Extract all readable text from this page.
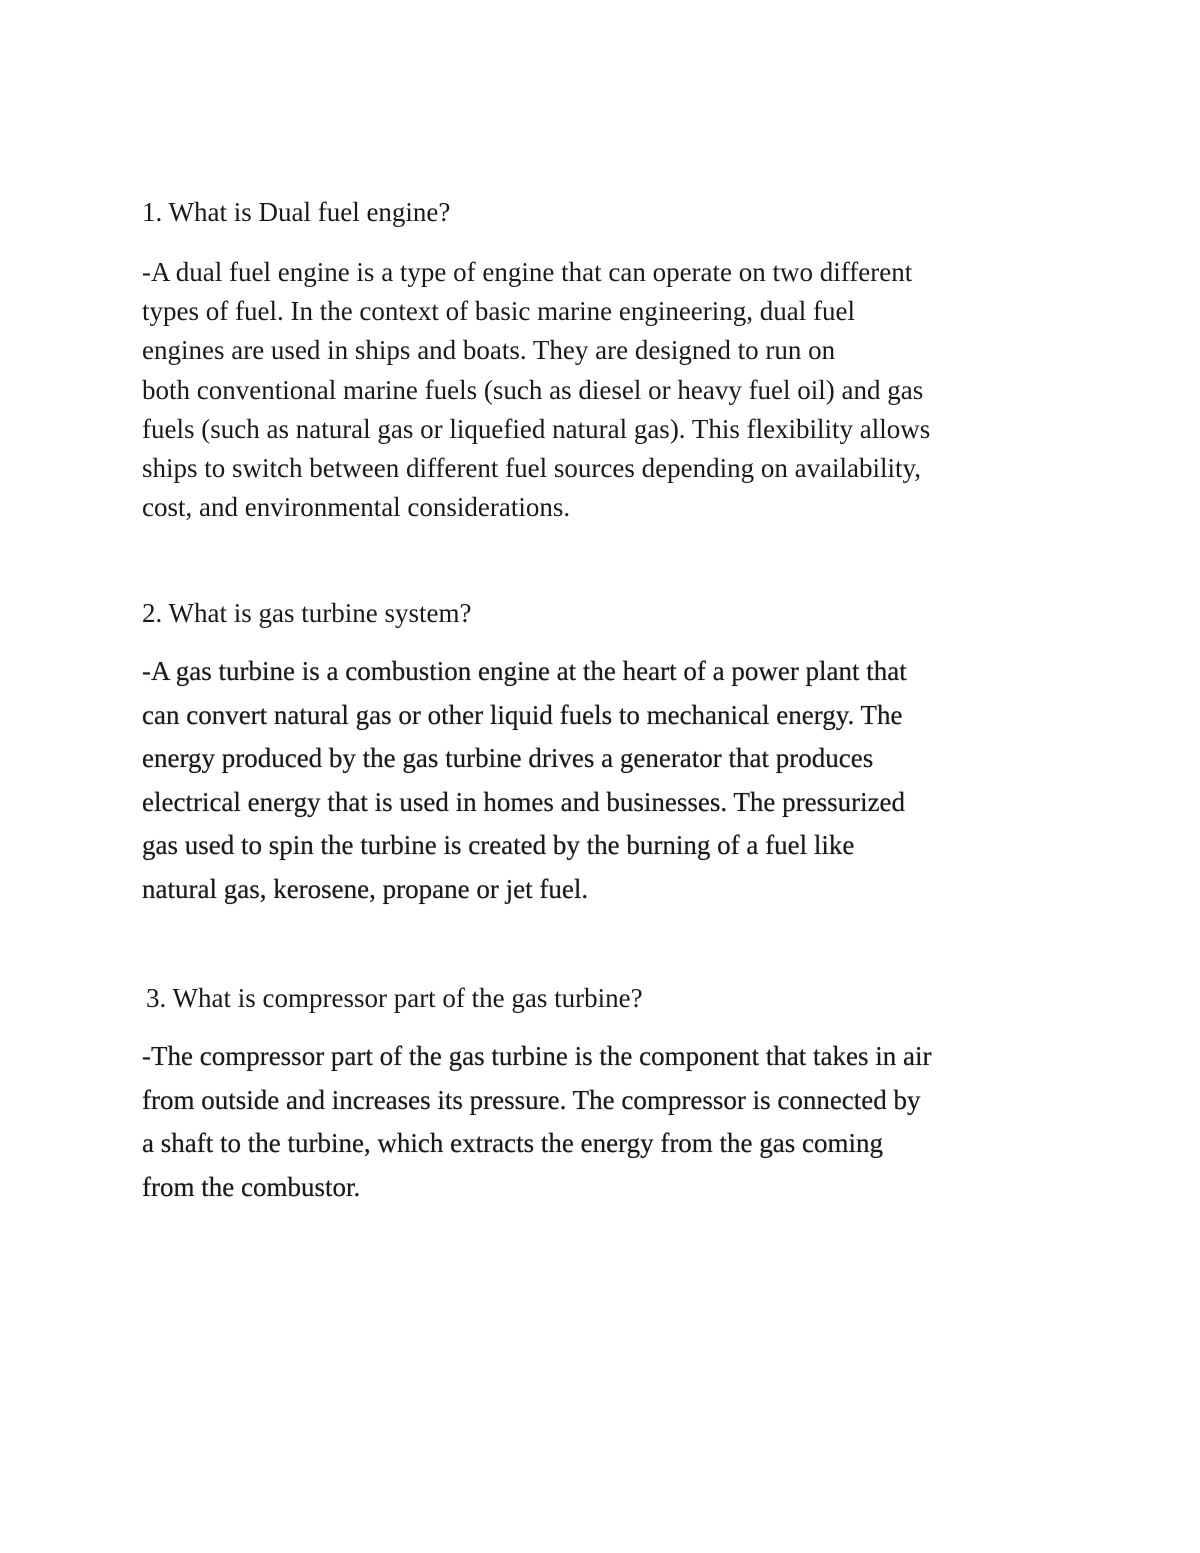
1. What is Dual fuel engine?

-A dual fuel engine is a type of engine that can operate on two different
types of fuel. In the context of basic marine engineering, dual fuel
engines are used in ships and boats. They are designed to run on
both conventional marine fuels (such as diesel or heavy fuel oil) and gas
fuels (such as natural gas or liquefied natural gas). This flexibility allows
ships to switch between different fuel sources depending on availability,
cost, and environmental considerations.

2. What is gas turbine system?

-A gas turbine is a combustion engine at the heart of a power plant that
can convert natural gas or other liquid fuels to mechanical energy. The
energy produced by the gas turbine drives a generator that produces
electrical energy that is used in homes and businesses. The pressurized
gas used to spin the turbine is created by the burning of a fuel like
natural gas, kerosene, propane or jet fuel.

3. What is compressor part of the gas turbine?

-The compressor part of the gas turbine is the component that takes in air
from outside and increases its pressure. The compressor is connected by
a shaft to the turbine, which extracts the energy from the gas coming
from the combustor.
